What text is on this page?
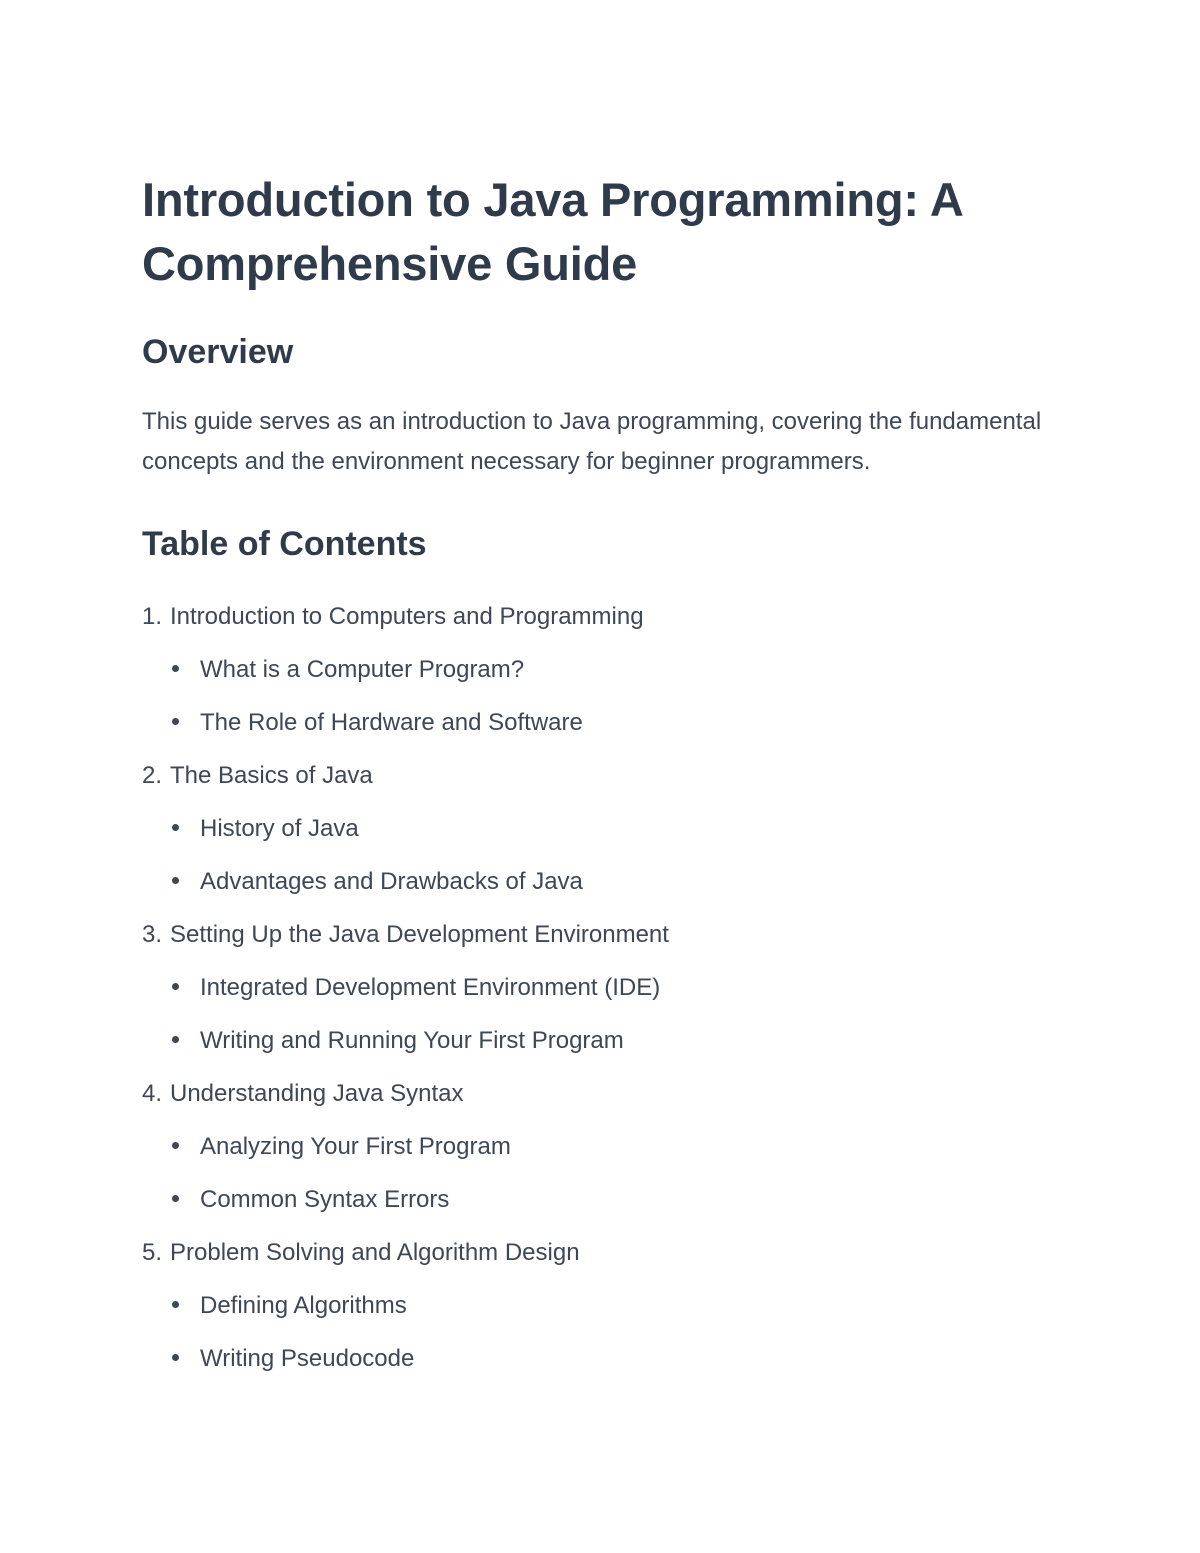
Introduction to Java Programming: A Comprehensive Guide
Overview

This guide serves as an introduction to Java programming, covering the fundamental concepts and the environment necessary for beginner programmers.

Table of Contents
1. Introduction to Computers and Programming
What is a Computer Program?
The Role of Hardware and Software
2. The Basics of Java
History of Java
Advantages and Drawbacks of Java
3. Setting Up the Java Development Environment
Integrated Development Environment (IDE)
Writing and Running Your First Program
4. Understanding Java Syntax
Analyzing Your First Program
Common Syntax Errors
5. Problem Solving and Algorithm Design
Defining Algorithms
Writing Pseudocode
